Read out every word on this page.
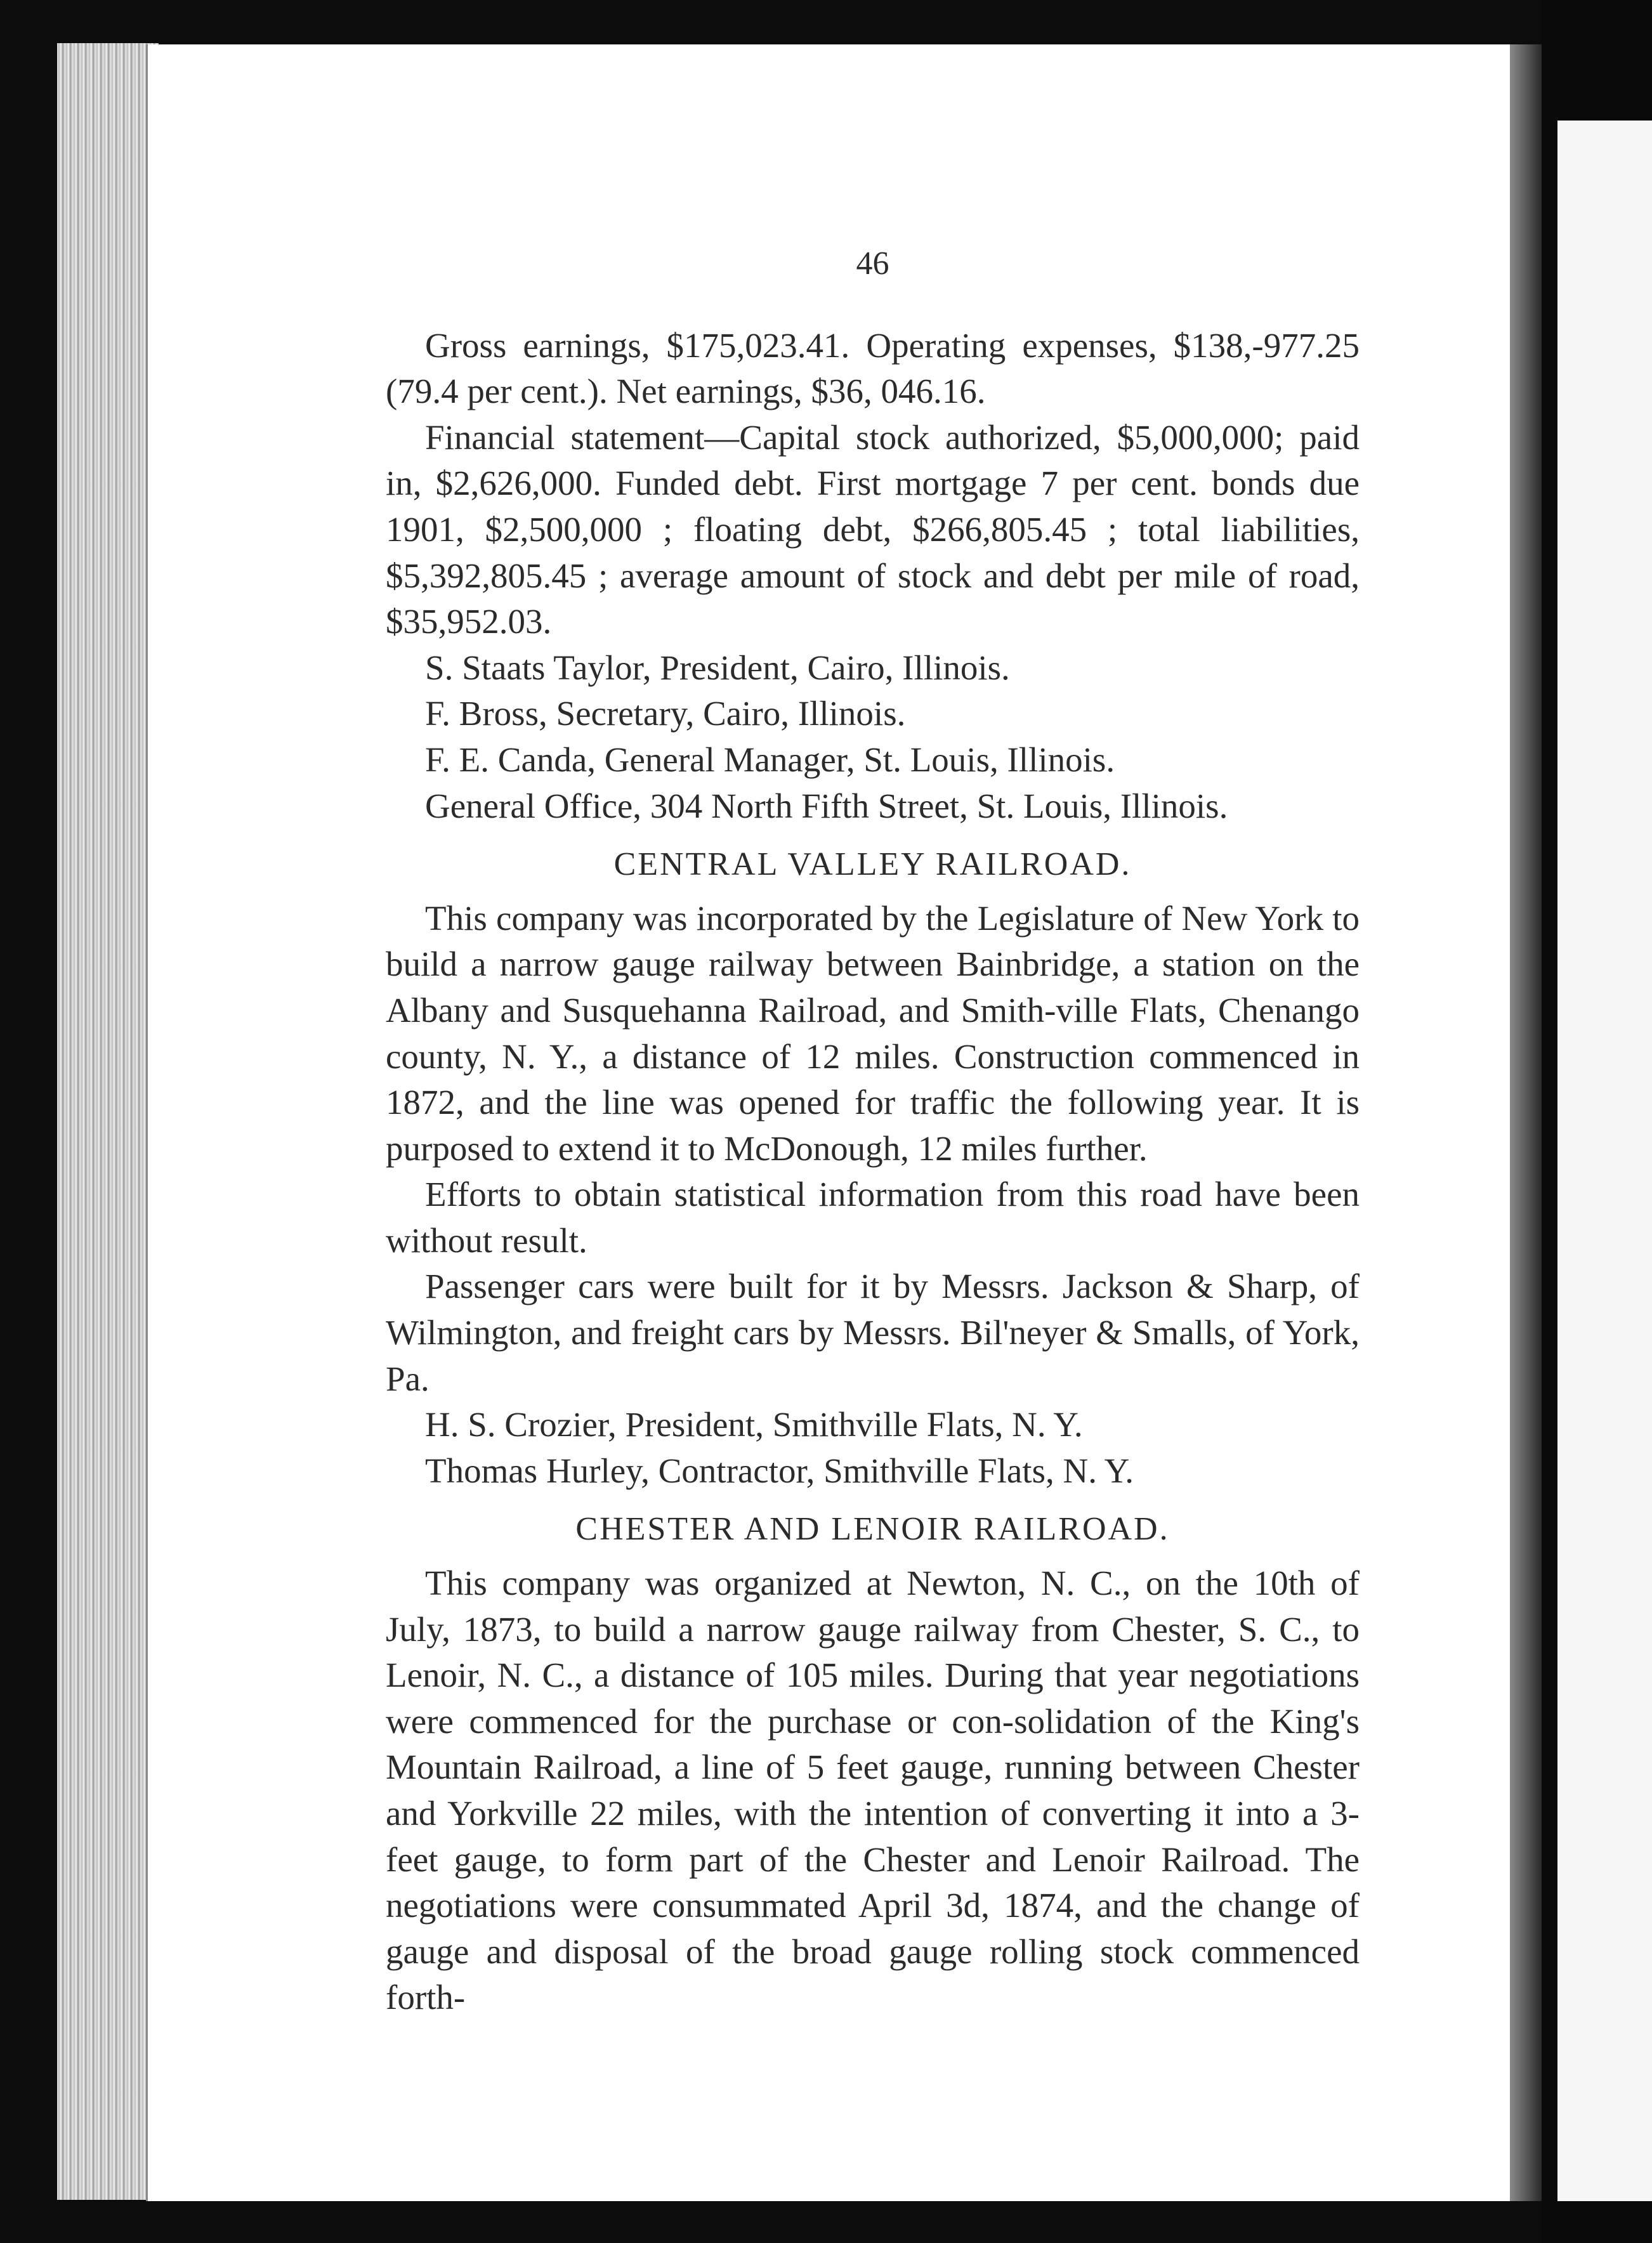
46

Gross earnings, $175,023.41. Operating expenses, $138,-977.25 (79.4 per cent.). Net earnings, $36, 046.16.

Financial statement—Capital stock authorized, $5,000,000; paid in, $2,626,000. Funded debt. First mortgage 7 per cent. bonds due 1901, $2,500,000 ; floating debt, $266,805.45 ; total liabilities, $5,392,805.45 ; average amount of stock and debt per mile of road, $35,952.03.

S. Staats Taylor, President, Cairo, Illinois.
F. Bross, Secretary, Cairo, Illinois.
F. E. Canda, General Manager, St. Louis, Illinois.
General Office, 304 North Fifth Street, St. Louis, Illinois.
CENTRAL VALLEY RAILROAD.

This company was incorporated by the Legislature of New York to build a narrow gauge railway between Bainbridge, a station on the Albany and Susquehanna Railroad, and Smith-ville Flats, Chenango county, N. Y., a distance of 12 miles. Construction commenced in 1872, and the line was opened for traffic the following year. It is purposed to extend it to McDonough, 12 miles further.

Efforts to obtain statistical information from this road have been without result.

Passenger cars were built for it by Messrs. Jackson & Sharp, of Wilmington, and freight cars by Messrs. Bil'neyer & Smalls, of York, Pa.

H. S. Crozier, President, Smithville Flats, N. Y.
Thomas Hurley, Contractor, Smithville Flats, N. Y.
CHESTER AND LENOIR RAILROAD.

This company was organized at Newton, N. C., on the 10th of July, 1873, to build a narrow gauge railway from Chester, S. C., to Lenoir, N. C., a distance of 105 miles. During that year negotiations were commenced for the purchase or con-solidation of the King's Mountain Railroad, a line of 5 feet gauge, running between Chester and Yorkville 22 miles, with the intention of converting it into a 3-feet gauge, to form part of the Chester and Lenoir Railroad. The negotiations were consummated April 3d, 1874, and the change of gauge and disposal of the broad gauge rolling stock commenced forth-
